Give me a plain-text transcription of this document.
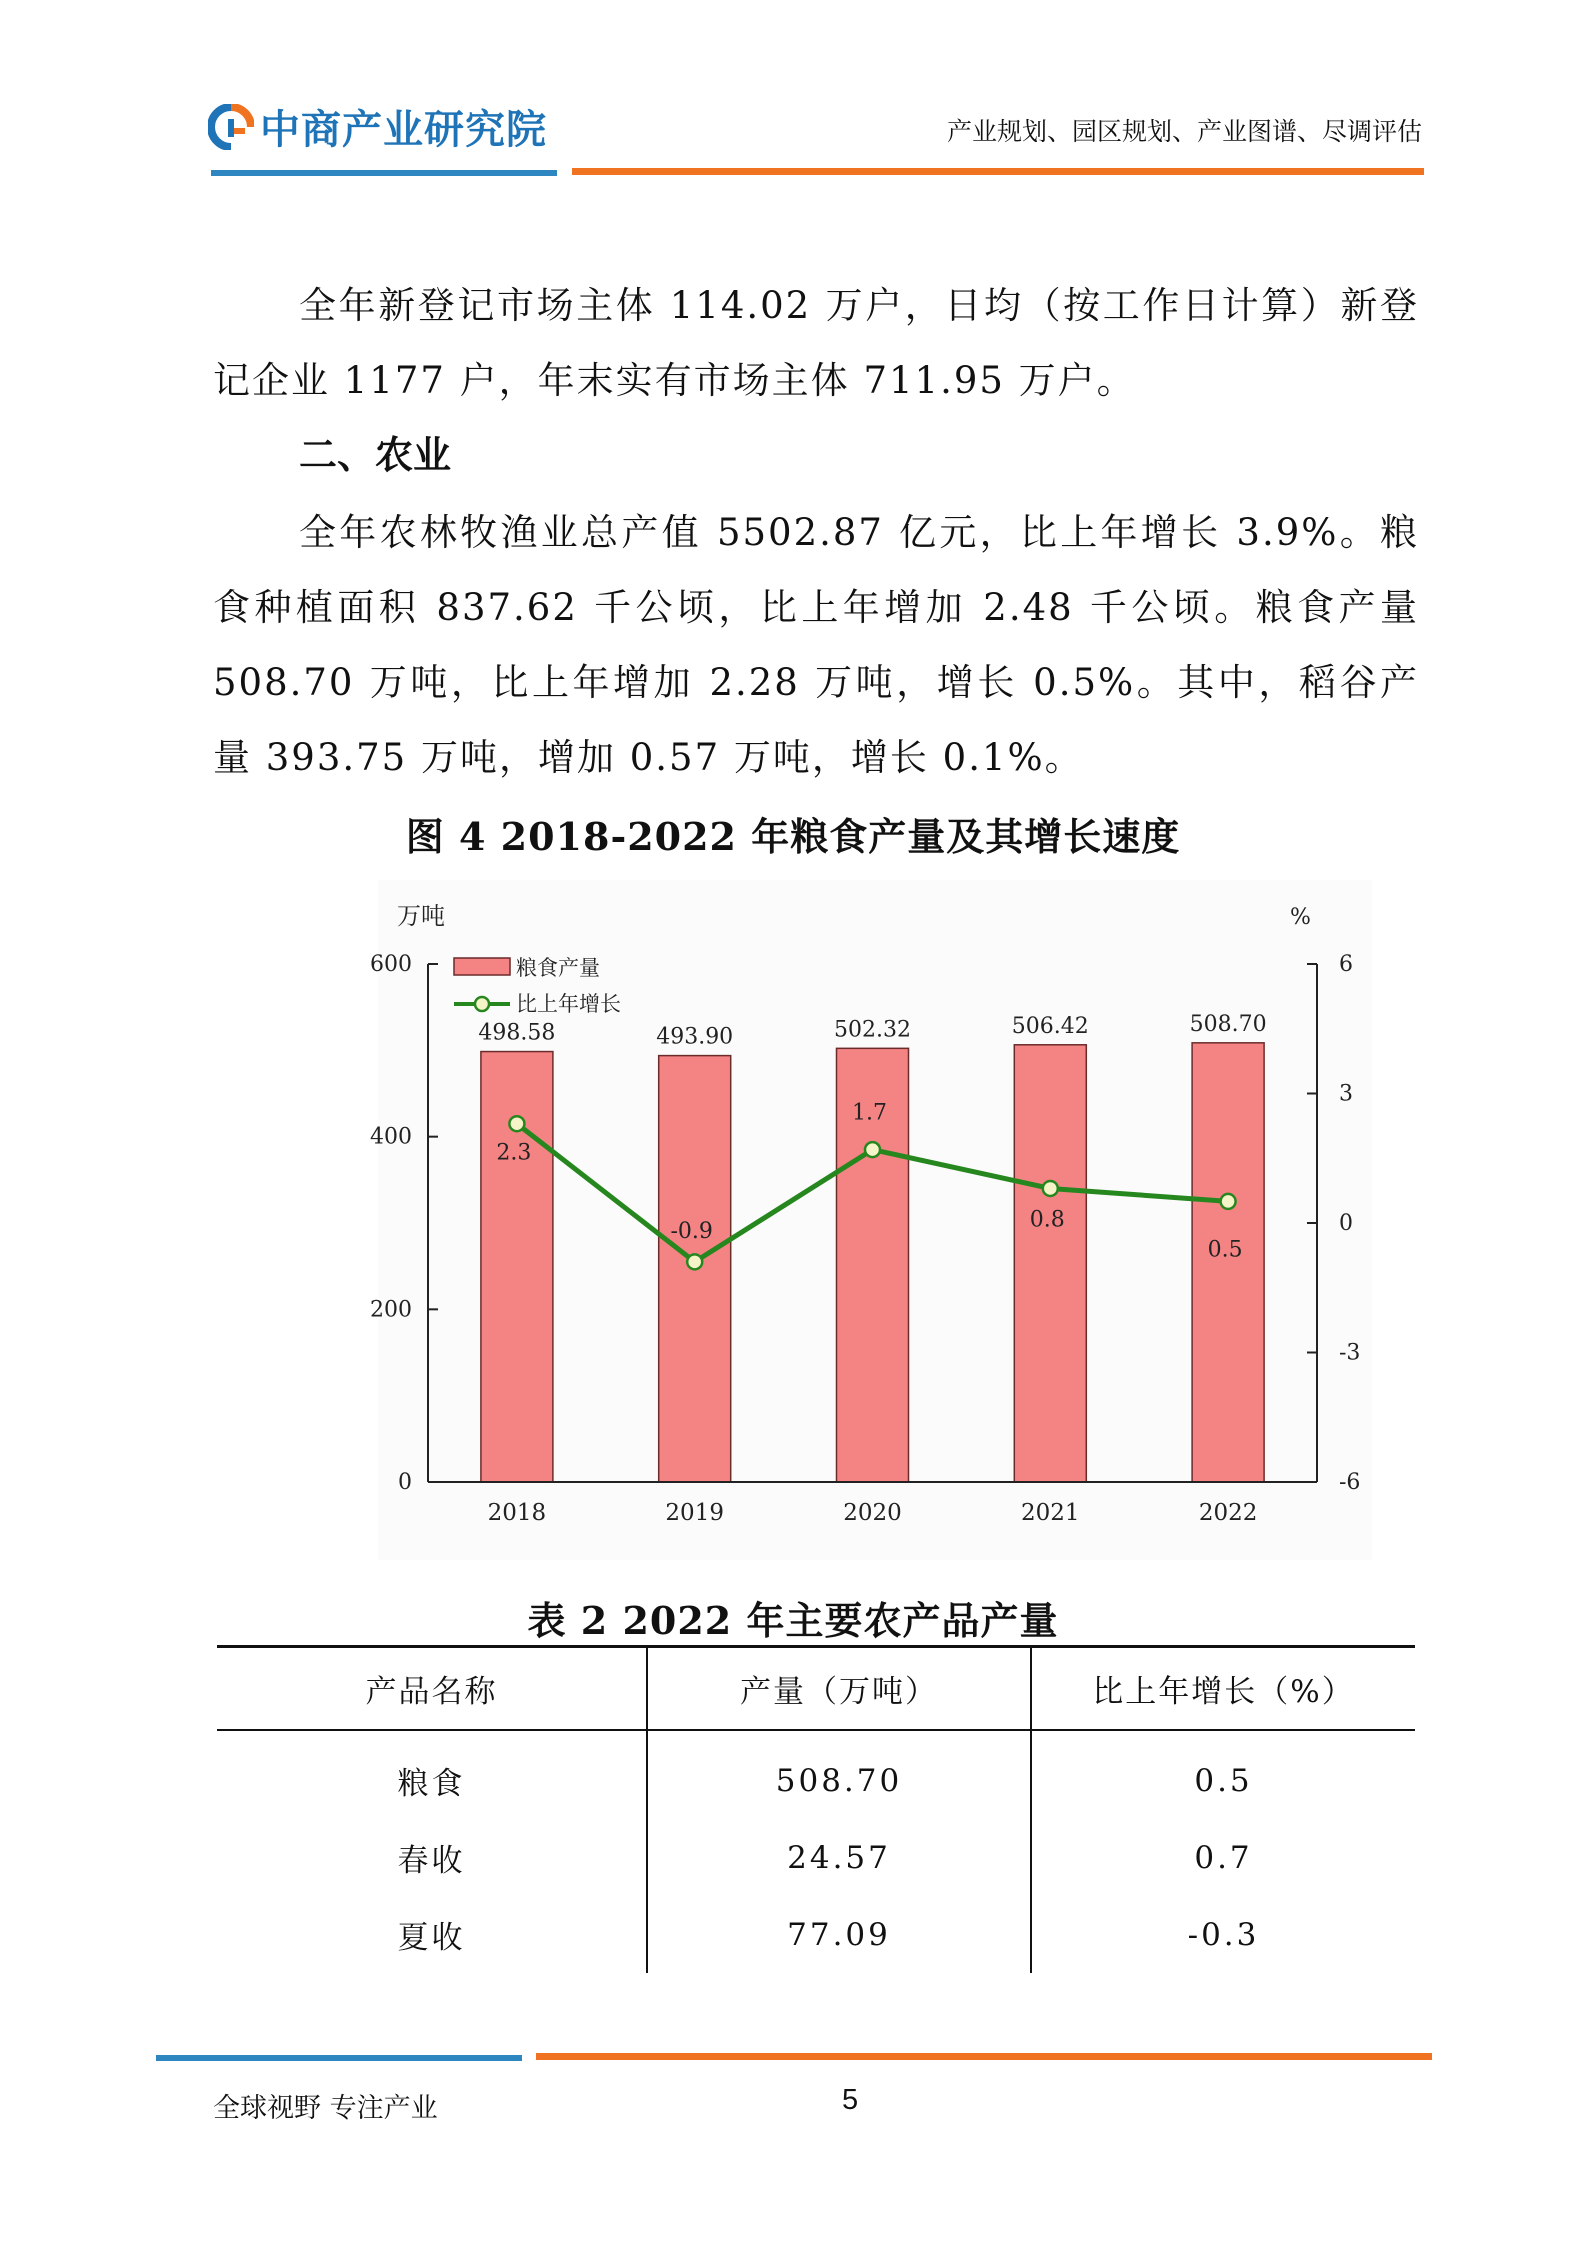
中商产业研究院	产业规划、园区规划、产业图谱、尽调评估
全年新登记市场主体 114.02 万户，日均（按工作日计算）新登记企业 1177 户，年末实有市场主体 711.95 万户。
二、农业
全年农林牧渔业总产值 5502.87 亿元，比上年增长 3.9%。粮食种植面积 837.62 千公顷，比上年增加 2.48 千公顷。粮食产量 508.70 万吨，比上年增加 2.28 万吨，增长 0.5%。其中，稻谷产量 393.75 万吨，增加 0.57 万吨，增长 0.1%。
图 4 2018-2022 年粮食产量及其增长速度
498.58	493.90	502.32	506.42	508.70
0
200
400
600
-6
-3
0
3
6
2018	2019	2020	2021	2022
万吨	%
2.3
-0.9
1.7
0.8
0.5
粮食产量
比上年增长
表 2 2022 年主要农产品产量
产品名称	产量（万吨）	比上年增长（%）
粮食	508.70	0.5
春收	24.57	0.7
夏收	77.09	-0.3
全球视野 专注产业	5
